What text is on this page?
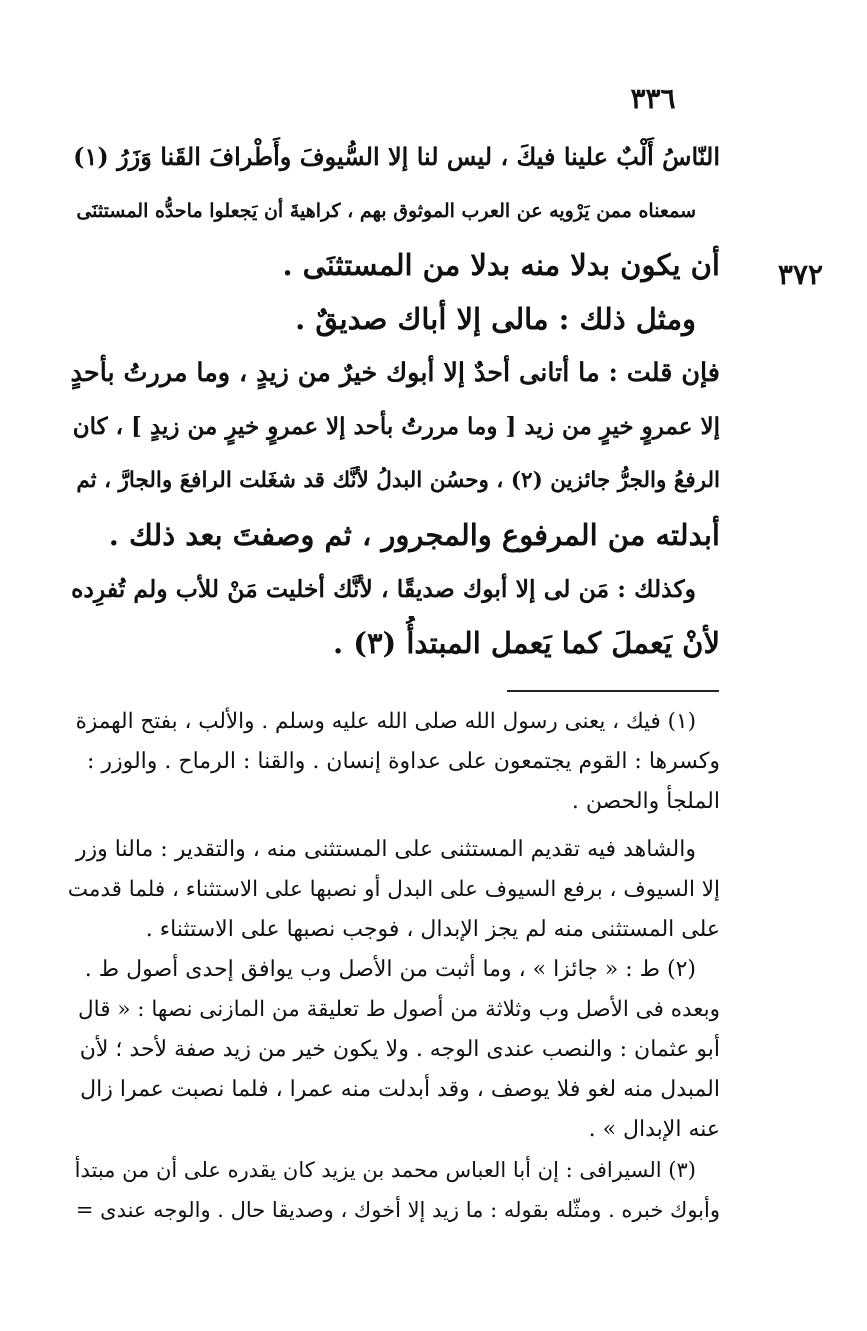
٣٣٦
٣٧٢
النّاسُ أَلْبٌ علينا فيكَ ، ليس لنا إلا السُّيوفَ وأَطْرافَ القَنا وَزَرُ (١)
سمعناه ممن يَرْويه عن العرب الموثوق بهم ، كراهيةَ أن يَجعلوا ماحدُّه المستثنَى
أن يكون بدلا منه بدلا من المستثنَى .
ومثل ذلك : مالى إلا أباك صديقٌ .
فإن قلت : ما أتانى أحدٌ إلا أبوك خيرٌ من زيدٍ ، وما مررتُ بأحدٍ
إلا عمروٍ خيرٍ من زيد [ وما مررتُ بأحد إلا عمروٍ خيرٍ من زيدٍ ] ، كان
الرفعُ والجرُّ جائزين (٢) ، وحسُن البدلُ لأنَّك قد شغَلت الرافعَ والجارَّ ، ثم
أبدلته من المرفوع والمجرور ، ثم وصفتَ بعد ذلك .
وكذلك : مَن لى إلا أبوك صديقًا ، لأنَّك أخليت مَنْ للأب ولم تُفرِده
لأنْ يَعملَ كما يَعمل المبتدأُ (٣) .
(١) فيك ، يعنى رسول الله صلى الله عليه وسلم . والألب ، بفتح الهمزة
وكسرها : القوم يجتمعون على عداوة إنسان . والقنا : الرماح . والوزر :
الملجأ والحصن .
والشاهد فيه تقديم المستثنى على المستثنى منه ، والتقدير : مالنا وزر
إلا السيوف ، برفع السيوف على البدل أو نصبها على الاستثناء ، فلما قدمت
على المستثنى منه لم يجز الإبدال ، فوجب نصبها على الاستثناء .
(٢) ط : « جائزا » ، وما أثبت من الأصل وب يوافق إحدى أصول ط .
وبعده فى الأصل وب وثلاثة من أصول ط تعليقة من المازنى نصها : « قال
أبو عثمان : والنصب عندى الوجه . ولا يكون خير من زيد صفة لأحد ؛ لأن
المبدل منه لغو فلا يوصف ، وقد أبدلت منه عمرا ، فلما نصبت عمرا زال
عنه الإبدال » .
(٣) السيرافى : إن أبا العباس محمد بن يزيد كان يقدره على أن من مبتدأ
وأبوك خبره . ومثّله بقوله : ما زيد إلا أخوك ، وصديقا حال . والوجه عندى =
